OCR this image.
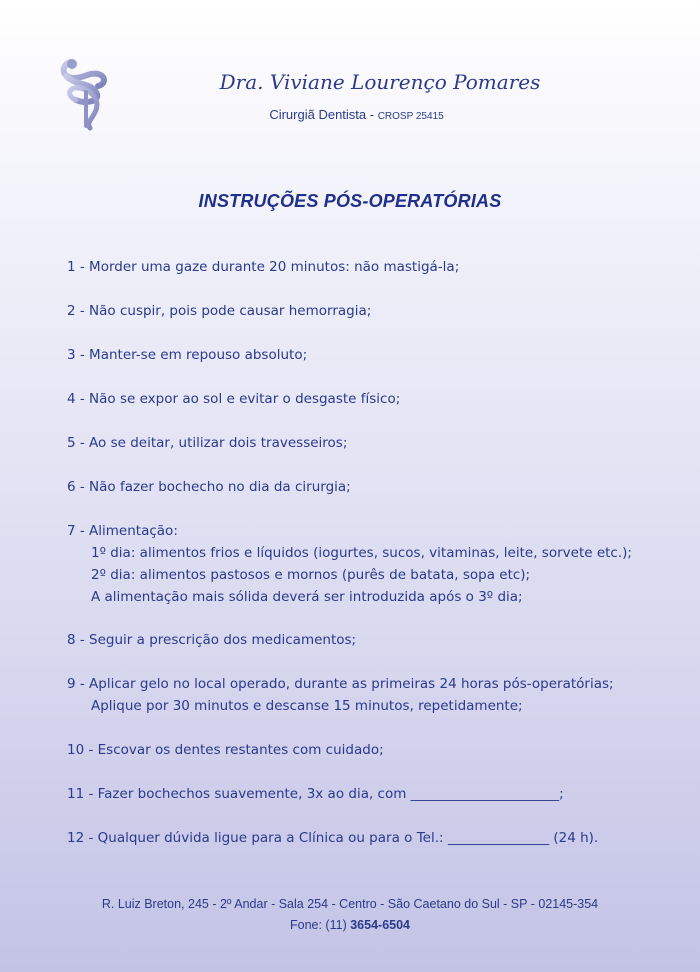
Dra. Viviane Lourenço Pomares
Cirurgiã Dentista - CROSP 25415
INSTRUÇÕES PÓS-OPERATÓRIAS
1 - Morder uma gaze durante 20 minutos: não mastigá-la;
2 - Não cuspir, pois pode causar hemorragia;
3 - Manter-se em repouso absoluto;
4 - Não se expor ao sol e evitar o desgaste físico;
5 - Ao se deitar, utilizar dois travesseiros;
6 - Não fazer bochecho no dia da cirurgia;
7 - Alimentação:
1º dia: alimentos frios e líquidos (iogurtes, sucos, vitaminas, leite, sorvete etc.);
2º dia: alimentos pastosos e mornos (purês de batata, sopa etc);
A alimentação mais sólida deverá ser introduzida após o 3º dia;
8 - Seguir a prescrição dos medicamentos;
9 - Aplicar gelo no local operado, durante as primeiras 24 horas pós-operatórias;
Aplique por 30 minutos e descanse 15 minutos, repetidamente;
10 - Escovar os dentes restantes com cuidado;
11 - Fazer bochechos suavemente, 3x ao dia, com ______________________;
12 - Qualquer dúvida ligue para a Clínica ou para o Tel.: _______________ (24 h).
R. Luiz Breton, 245 - 2º Andar - Sala 254 - Centro - São Caetano do Sul - SP - 02145-354
Fone: (11) 3654-6504
